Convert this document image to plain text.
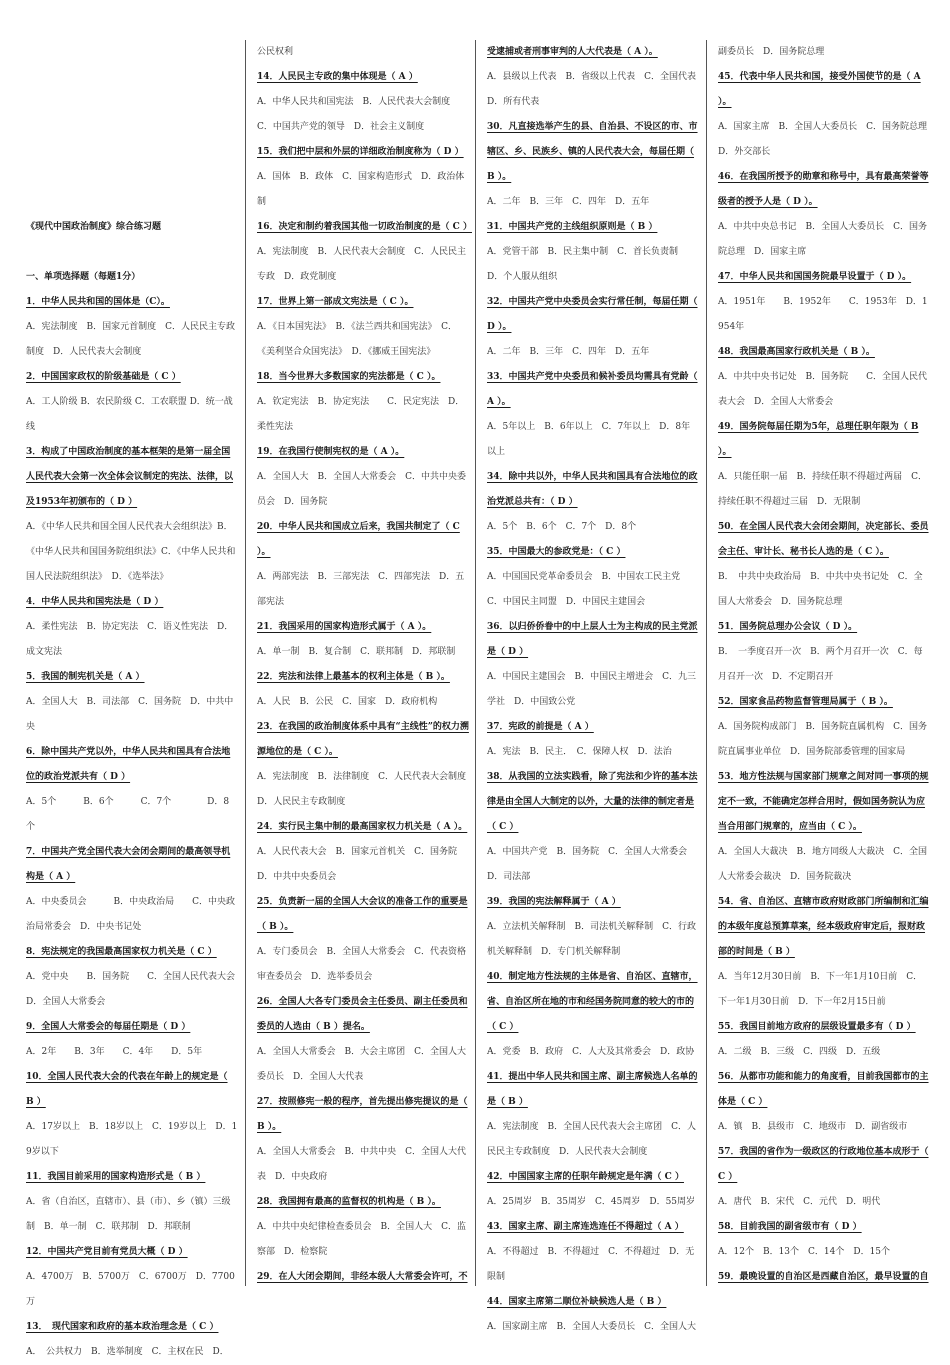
《现代中国政治制度》综合练习题
一、单项选择题（每题1分）
1．中华人民共和国的国体是（C）。
A．宪法制度　B．国家元首制度　C．人民民主专政制度　D．人民代表大会制度
2．中国国家政权的阶级基础是（ C ）
A．工人阶级 B．农民阶级 C．工农联盟 D．统一战线
3．构成了中国政治制度的基本框架的是第一届全国人民代表大会第一次全体会议制定的宪法、法律，以及1953年初颁布的（ D ）
A．《中华人民共和国全国人民代表大会组织法》B．《中华人民共和国国务院组织法》C．《中华人民共和国人民法院组织法》　D．《选举法》
4．中华人民共和国宪法是（ D ）
A．柔性宪法　B．协定宪法　C．语义性宪法　D．成文宪法
5．我国的制宪机关是（ A ）
A．全国人大　B．司法部　C．国务院　D．中共中央
6．除中国共产党以外，中华人民共和国具有合法地位的政治党派共有（ D ）
A．5个　　　B．6个　　　C．7个　　　　D．8个
7．中国共产党全国代表大会闭会期间的最高领导机构是（ A ）
A．中央委员会　　　B．中央政治局　　C．中央政治局常委会　D．中央书记处
8．宪法规定的我国最高国家权力机关是（ C ）
A．党中央　　B．国务院　　C．全国人民代表大会　D．全国人大常委会
9．全国人大常委会的每届任期是（ D ）
A．2年　　B．3年　　C．4年　　D．5年
10．全国人民代表大会的代表在年龄上的规定是（ B ）
A．17岁以上　B．18岁以上　C．19岁以上　D．19岁以下
11．我国目前采用的国家构造形式是（ B ）
A．省（自治区，直辖市）、县（市）、乡（镇）三级制　B．单一制　C．联邦制　D．邦联制
12．中国共产党目前有党员大概（ D ）
A．4700万　B．5700万　C．6700万　D．7700万
13．　现代国家和政府的基本政治理念是（ C ）
A．　公共权力　B．选举制度　C．主权在民　D．
公民权利
14．人民民主专政的集中体现是（ A ）
A．中华人民共和国宪法　B．人民代表大会制度　C．中国共产党的领导　D．社会主义制度
15．我们把中层和外层的详细政治制度称为（ D ）
A．国体　B．政体　C．国家构造形式　D．政治体制
16．决定和制约着我国其他一切政治制度的是（ C ）
A．宪法制度　B．人民代表大会制度　C．人民民主专政　D．政党制度
17．世界上第一部成文宪法是（ C ）。
A．《日本国宪法》　B．《法兰西共和国宪法》　C．《美利坚合众国宪法》　D．《挪威王国宪法》
18．当今世界大多数国家的宪法都是（ C ）。
A．钦定宪法　B．协定宪法　　C．民定宪法　D．柔性宪法
19．在我国行使制宪权的是（ A ）。
A．全国人大　B．全国人大常委会　C．中共中央委员会　D．国务院
20．中华人民共和国成立后来，我国共制定了（ C ）。
A．两部宪法　B．三部宪法　C．四部宪法　D．五部宪法
21．我国采用的国家构造形式属于（ A ）。
A．单一制　B．复合制　C．联邦制　D．邦联制
22．宪法和法律上最基本的权利主体是（ B ）。
A．人民　B．公民　C．国家　D．政府机构
23．在我国的政治制度体系中具有“主线性”的权力溯源地位的是（ C ）。
A．宪法制度　B．法律制度　C．人民代表大会制度　D．人民民主专政制度
24．实行民主集中制的最高国家权力机关是（ A ）。
A．人民代表大会　B．国家元首机关　C．国务院　D．中共中央委员会
25．负责新一届的全国人大会议的准备工作的重要是（ B ）。
A．专门委员会　B．全国人大常委会　C．代表资格审查委员会　D．选举委员会
26．全国人大各专门委员会主任委员、副主任委员和委员的人选由（ B ）提名。
A．全国人大常委会　B．大会主席团　C．全国人大委员长　D．全国人大代表
27．按照修宪一般的程序，首先提出修宪提议的是（ B ）。
A．全国人大常委会　B．中共中央　C．全国人大代表　D．中央政府
28．我国拥有最高的监督权的机构是（ B ）。
A．中共中央纪律检查委员会　B．全国人大　C．监察部　D．检察院
29．在人大闭会期间，非经本级人大常委会许可，不
受逮捕或者刑事审判的人大代表是（ A ）。
A．县级以上代表　B．省级以上代表　C．全国代表　D．所有代表
30．凡直接选举产生的县、自治县、不设区的市、市辖区、乡、民族乡、镇的人民代表大会，每届任期（ B ）。
A．二年　B．三年　C．四年　D．五年
31．中国共产党的主线组织原则是（ B ）
A．党管干部　B．民主集中制　C．首长负责制　D．个人服从组织
32．中国共产党中央委员会实行常任制，每届任期（ D ）。
A．二年　B．三年　C．四年　D．五年
33．中国共产党中央委员和候补委员均需具有党龄（ A ）。
A．5年以上　B．6年以上　C．7年以上　D．8年以上
34．除中共以外，中华人民共和国具有合法地位的政治党派总共有：（ D ）
A．5个　B．6个　C．7个　D．8个
35．中国最大的参政党是：（ C ）
A．中国国民党革命委员会　B．中国农工民主党　C．中国民主同盟　D．中国民主建国会
36．以归侨侨眷中的中上层人士为主构成的民主党派是（ D ）
A．中国民主建国会　B．中国民主增进会　C．九三学社　D．中国致公党
37．宪政的前提是（ A ）
A．宪法　B．民主．　C．保障人权　D．法治
38．从我国的立法实践看，除了宪法和少许的基本法律是由全国人大制定的以外，大量的法律的制定者是（ C ）
A．中国共产党　B．国务院　C．全国人大常委会　D．司法部
39．我国的宪法解释属于（ A ）
A．立法机关解释制　B．司法机关解释制　C．行政机关解释制　D．专门机关解释制
40．制定地方性法规的主体是省、自治区、直辖市，省、自治区所在地的市和经国务院同意的较大的市的（ C ）
A．党委　B．政府　C．人大及其常委会　D．政协
41．提出中华人民共和国主席、副主席候选人名单的是（ B ）
A．宪法制度　B．全国人民代表大会主席团　C．人民民主专政制度　D．人民代表大会制度
42．中国国家主席的任职年龄规定是年满（ C ）
A．25周岁　B．35周岁　C．45周岁　D．55周岁
43．国家主席、副主席连选连任不得超过（ A ）
A．不得超过　B．不得超过　C．不得超过　D．无限制
44．国家主席第二顺位补缺候选人是（ B ）
A．国家副主席　B．全国人大委员长　C．全国人大
副委员长　D．国务院总理
45．代表中华人民共和国，接受外国使节的是（ A ）。
A．国家主席　B．全国人大委员长　C．国务院总理　D．外交部长
46．在我国所授予的勋章和称号中，具有最高荣誉等级者的授予人是（ D ）。
A．中共中央总书记　B．全国人大委员长　C．国务院总理　D．国家主席
47．中华人民共和国国务院最早设置于（ D ）。
A．1951年　　B．1952年　　C．1953年　D．1954年
48．我国最高国家行政机关是（ B ）。
A．中共中央书记处　B．国务院　　C．全国人民代表大会　D．全国人大常委会
49．国务院每届任期为5年，总理任职年限为（ B ）。
A．只能任职一届　B．持续任职不得超过两届　C．持续任职不得超过三届　D．无限制
50．在全国人民代表大会闭会期间，决定部长、委员会主任、审计长、秘书长人选的是（ C ）。
B．　中共中央政治局　B．中共中央书记处　C．全国人大常委会　D．国务院总理
51．国务院总理办公会议（ D ）。
B．　一季度召开一次　B．两个月召开一次　C．每月召开一次　D．不定期召开
52．国家食品药物监督管理局属于（ B ）。
A．国务院构成部门　B．国务院直属机构　C．国务院直属事业单位　D．国务院部委管理的国家局
53．地方性法规与国家部门规章之间对同一事项的规定不一致，不能确定怎样合用时，假如国务院认为应当合用部门规章的，应当由（ C ）。
A．全国人大裁决　B．地方同级人大裁决　C．全国人大常委会裁决　D．国务院裁决
54．省、自治区、直辖市政府财政部门所编制和汇编的本级年度总预算草案，经本级政府审定后，报财政部的时间是（ B ）
A．当年12月30日前　B．下一年1月10日前　C．下一年1月30日前　D．下一年2月15日前
55．我国目前地方政府的层级设置最多有（ D ）
A．二级　B．三级　C．四级　D．五级
56．从都市功能和能力的角度看，目前我国都市的主体是（ C ）
A．镇　B．县级市　C．地级市　D．副省级市
57．我国的省作为一级政区的行政地位基本成形于（ C ）
A．唐代　B．宋代　C．元代　D．明代
58．目前我国的副省级市有（ D ）
A．12个　B．13个　C．14个　D．15个
59．最晚设置的自治区是西藏自治区，最早设置的自
